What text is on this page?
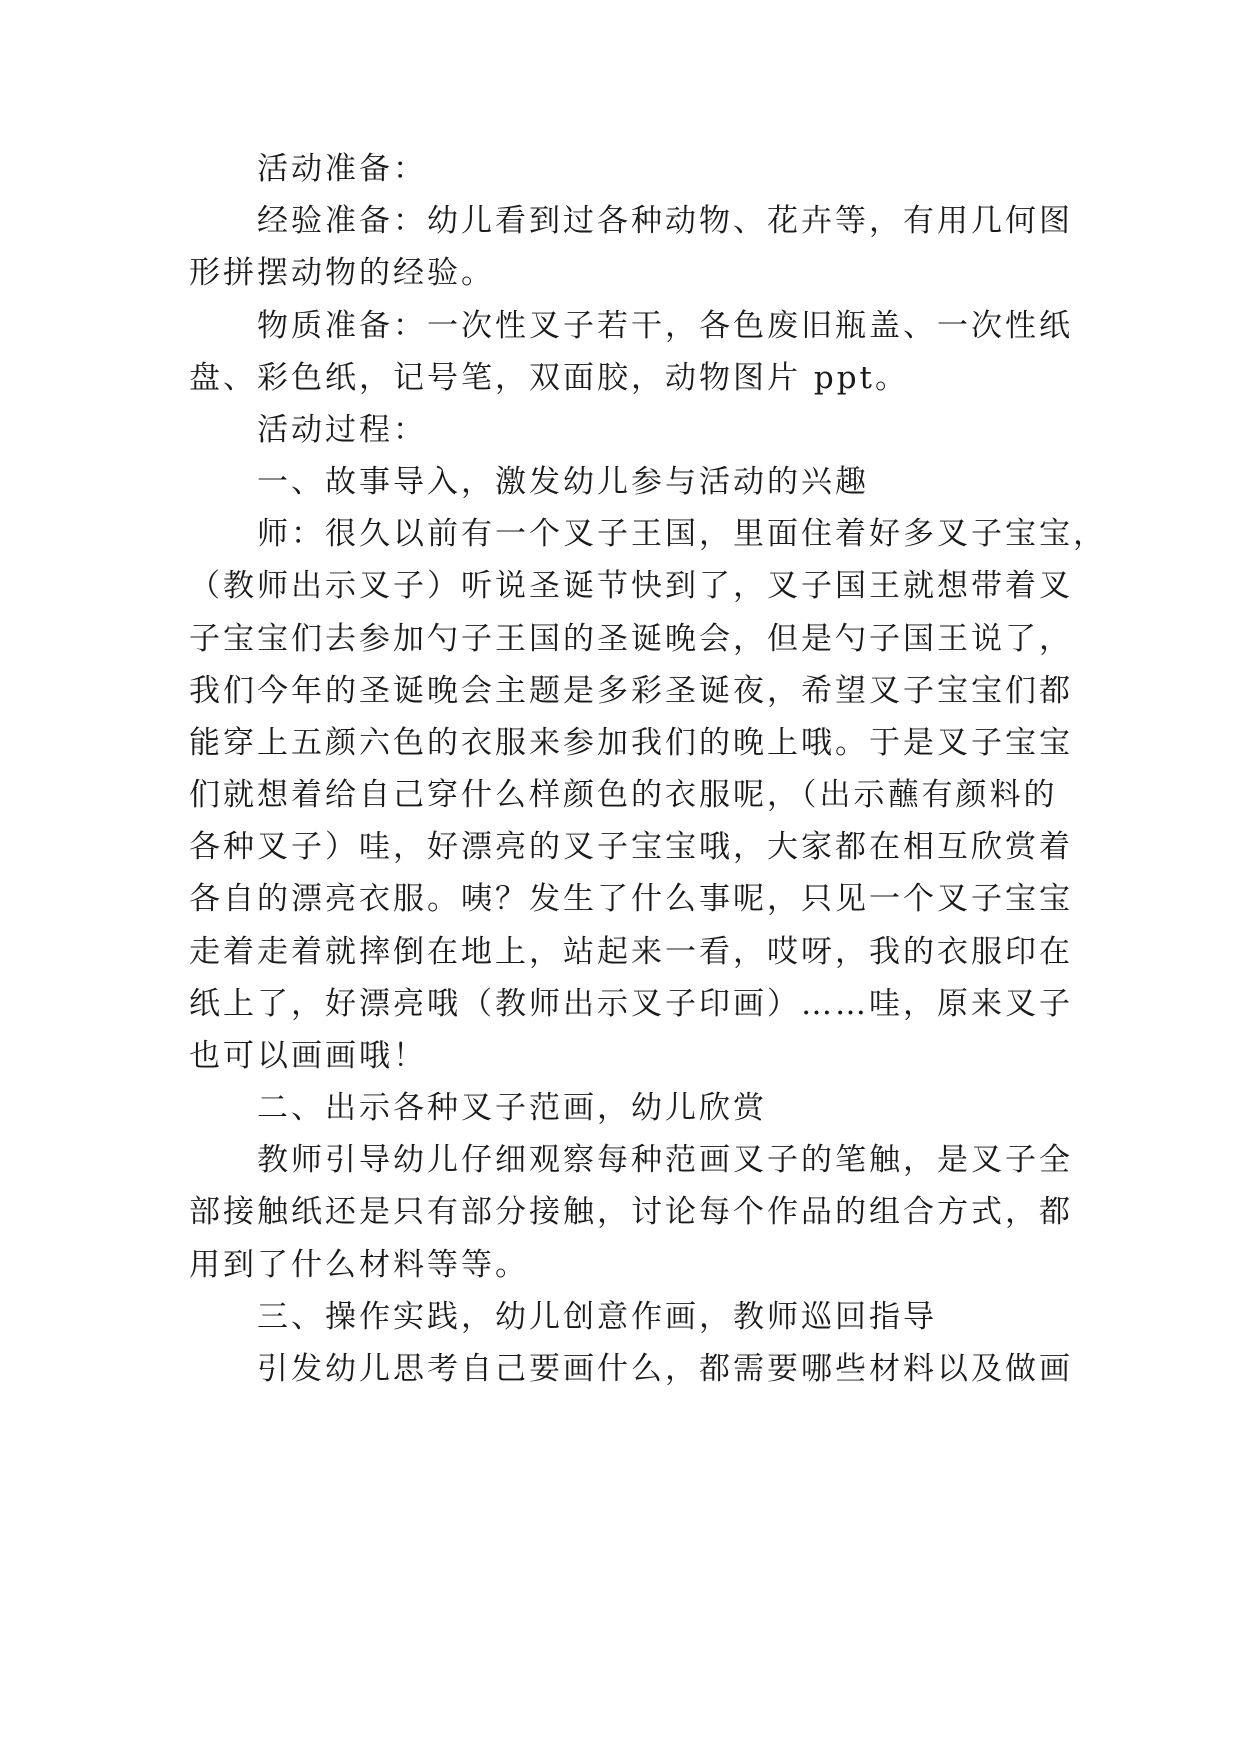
活动准备：
经验准备：幼儿看到过各种动物、花卉等，有用几何图
形拼摆动物的经验。
物质准备：一次性叉子若干，各色废旧瓶盖、一次性纸
盘、彩色纸，记号笔，双面胶，动物图片 ppt。
活动过程：
一、故事导入，激发幼儿参与活动的兴趣
师：很久以前有一个叉子王国，里面住着好多叉子宝宝，
（教师出示叉子）听说圣诞节快到了，叉子国王就想带着叉
子宝宝们去参加勺子王国的圣诞晚会，但是勺子国王说了，
我们今年的圣诞晚会主题是多彩圣诞夜，希望叉子宝宝们都
能穿上五颜六色的衣服来参加我们的晚上哦。于是叉子宝宝
们就想着给自己穿什么样颜色的衣服呢，（出示蘸有颜料的
各种叉子）哇，好漂亮的叉子宝宝哦，大家都在相互欣赏着
各自的漂亮衣服。咦？发生了什么事呢，只见一个叉子宝宝
走着走着就摔倒在地上，站起来一看，哎呀，我的衣服印在
纸上了，好漂亮哦（教师出示叉子印画）……哇，原来叉子
也可以画画哦！
二、出示各种叉子范画，幼儿欣赏
教师引导幼儿仔细观察每种范画叉子的笔触，是叉子全
部接触纸还是只有部分接触，讨论每个作品的组合方式，都
用到了什么材料等等。
三、操作实践，幼儿创意作画，教师巡回指导
引发幼儿思考自己要画什么，都需要哪些材料以及做画
